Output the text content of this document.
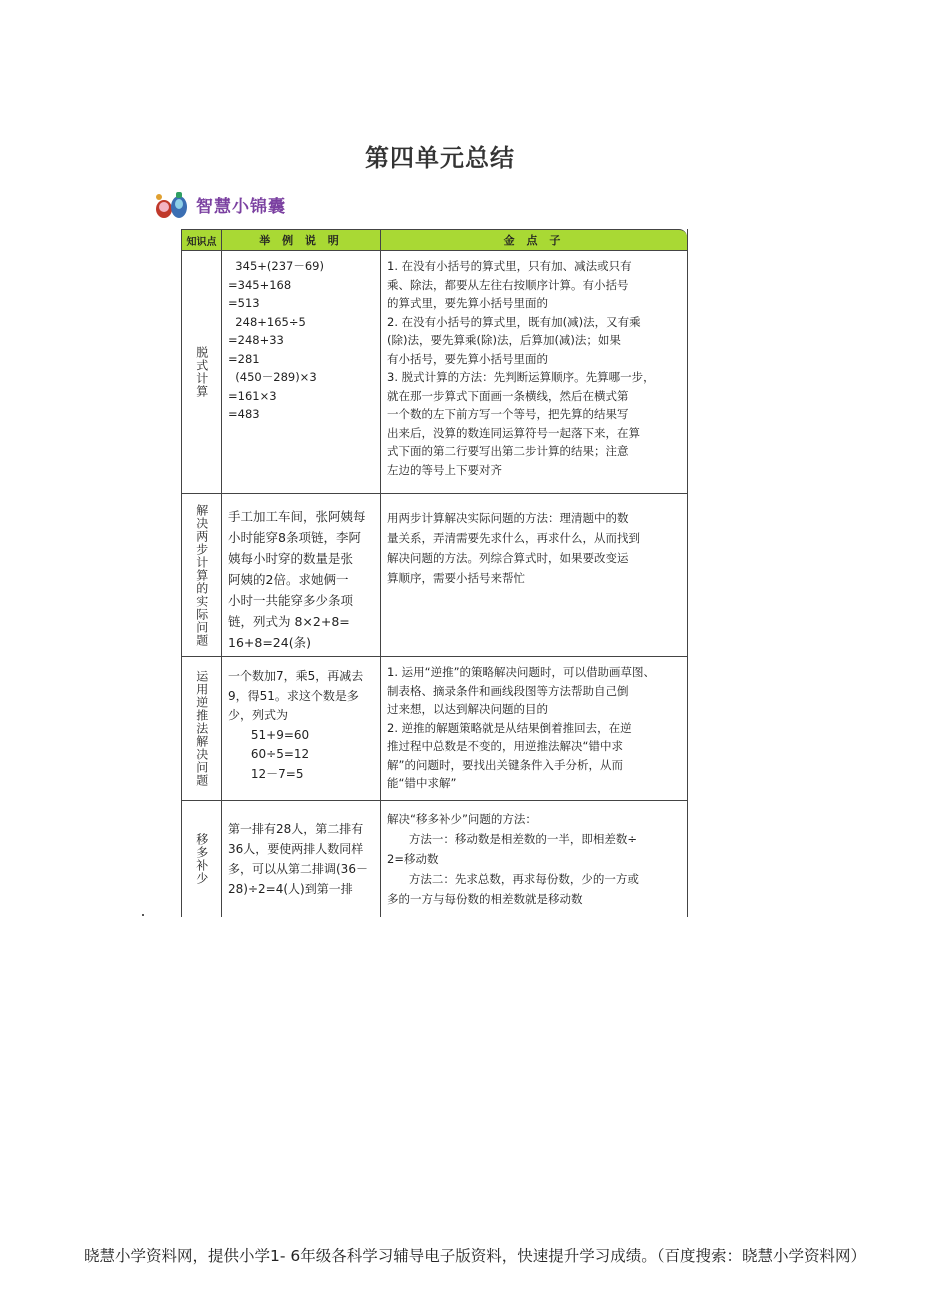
第四单元总结
智慧小锦囊
知识点	举 例 说 明	金 点 子
脱式计算
345+(237－69)
=345+168
=513
248+165÷5
=248+33
=281
(450－289)×3
=161×3
=483
1. 在没有小括号的算式里，只有加、减法或只有
乘、除法，都要从左往右按顺序计算。有小括号
的算式里，要先算小括号里面的
2. 在没有小括号的算式里，既有加(减)法，又有乘
(除)法，要先算乘(除)法，后算加(减)法；如果
有小括号，要先算小括号里面的
3. 脱式计算的方法：先判断运算顺序。先算哪一步，
就在那一步算式下面画一条横线，然后在横式第
一个数的左下前方写一个等号，把先算的结果写
出来后，没算的数连同运算符号一起落下来，在算
式下面的第二行要写出第二步计算的结果；注意
左边的等号上下要对齐
解决两步计算的实际问题 手工加工车间，张阿姨每
小时能穿8条项链，李阿
姨每小时穿的数量是张
阿姨的2倍。求她俩一
小时一共能穿多少条项
链，列式为 8×2+8=
16+8=24(条)
用两步计算解决实际问题的方法：理清题中的数
量关系，弄清需要先求什么，再求什么，从而找到
解决问题的方法。列综合算式时，如果要改变运
算顺序，需要小括号来帮忙
运用逆推法解决问题 一个数加7，乘5，再减去
9，得51。求这个数是多
少，列式为
51+9=60
60÷5=12
12－7=5
1. 运用“逆推”的策略解决问题时，可以借助画草图、
制表格、摘录条件和画线段图等方法帮助自己倒
过来想，以达到解决问题的目的
2. 逆推的解题策略就是从结果倒着推回去，在逆
推过程中总数是不变的，用逆推法解决“错中求
解”的问题时，要找出关键条件入手分析，从而
能“错中求解”
移多补少
第一排有28人，第二排有
36人，要使两排人数同样
多，可以从第二排调(36－
28)÷2=4(人)到第一排
解决“移多补少”问题的方法：
方法一：移动数是相差数的一半，即相差数÷
2=移动数
方法二：先求总数，再求每份数，少的一方或
多的一方与每份数的相差数就是移动数
晓慧小学资料网，提供小学1- 6年级各科学习辅导电子版资料，快速提升学习成绩。（百度搜索：晓慧小学资料网）
